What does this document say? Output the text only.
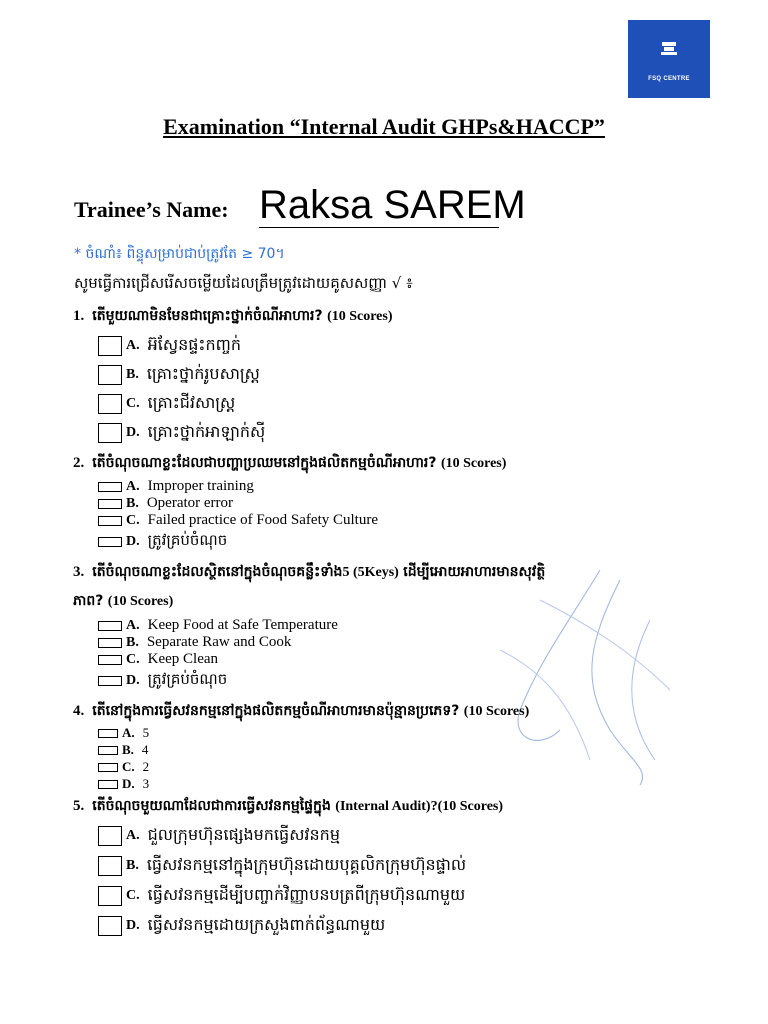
FSQ CENTRE
Examination “Internal Audit GHPs&HACCP”
Trainee’s Name: Raksa SAREM
* ចំណាំ៖ ពិន្ទុសម្រាប់ជាប់ត្រូវតែ ≥ 70។
សូមធ្វើការជ្រើសរើសចម្លើយដែលត្រឹមត្រូវដោយគូសសញ្ញា √ ៖
1. តើមួយណាមិនមែនជាគ្រោះថ្នាក់ចំណីអាហារ? (10 Scores)
A. អ៊ស្វែនផ្ទះកញ្ចក់
B. គ្រោះថ្នាក់រូបសាស្ត្រ
C. គ្រោះជីវសាស្ត្រ
D. គ្រោះថ្នាក់អាឡាក់ស៊ី
2. តើចំណុចណាខ្លះដែលជាបញ្ហាប្រឈមនៅក្នុងផលិតកម្មចំណីអាហារ? (10 Scores)
A. Improper training
B. Operator error
C. Failed practice of Food Safety Culture
D. ត្រូវគ្រប់ចំណុច
3. តើចំណុចណាខ្លះដែលស្ថិតនៅក្នុងចំណុចគន្លឹះទាំង5 (5Keys) ដើម្បីអោយអាហារមានសុវត្ថិ
ភាព? (10 Scores)
A. Keep Food at Safe Temperature
B. Separate Raw and Cook
C. Keep Clean
D. ត្រូវគ្រប់ចំណុច
4. តើនៅក្នុងការធ្វើសវនកម្មនៅក្នុងផលិតកម្មចំណីអាហារមានប៉ុន្មានប្រភេទ? (10 Scores)
A. 5
B. 4
C. 2
D. 3
5. តើចំណុចមួយណាដែលជាការធ្វើសវនកម្មផ្ទៃក្នុង (Internal Audit)?(10 Scores)
A. ជួលក្រុមហ៊ុនផ្សេងមកធ្វើសវនកម្ម
B. ធ្វើសវនកម្មនៅក្នុងក្រុមហ៊ុនដោយបុគ្គលិកក្រុមហ៊ុនផ្ទាល់
C. ធ្វើសវនកម្មដើម្បីបញ្ចាក់វិញ្ញាបនបត្រពីក្រុមហ៊ុនណាមួយ
D. ធ្វើសវនកម្មដោយក្រសួងពាក់ព័ន្ធណាមួយ
